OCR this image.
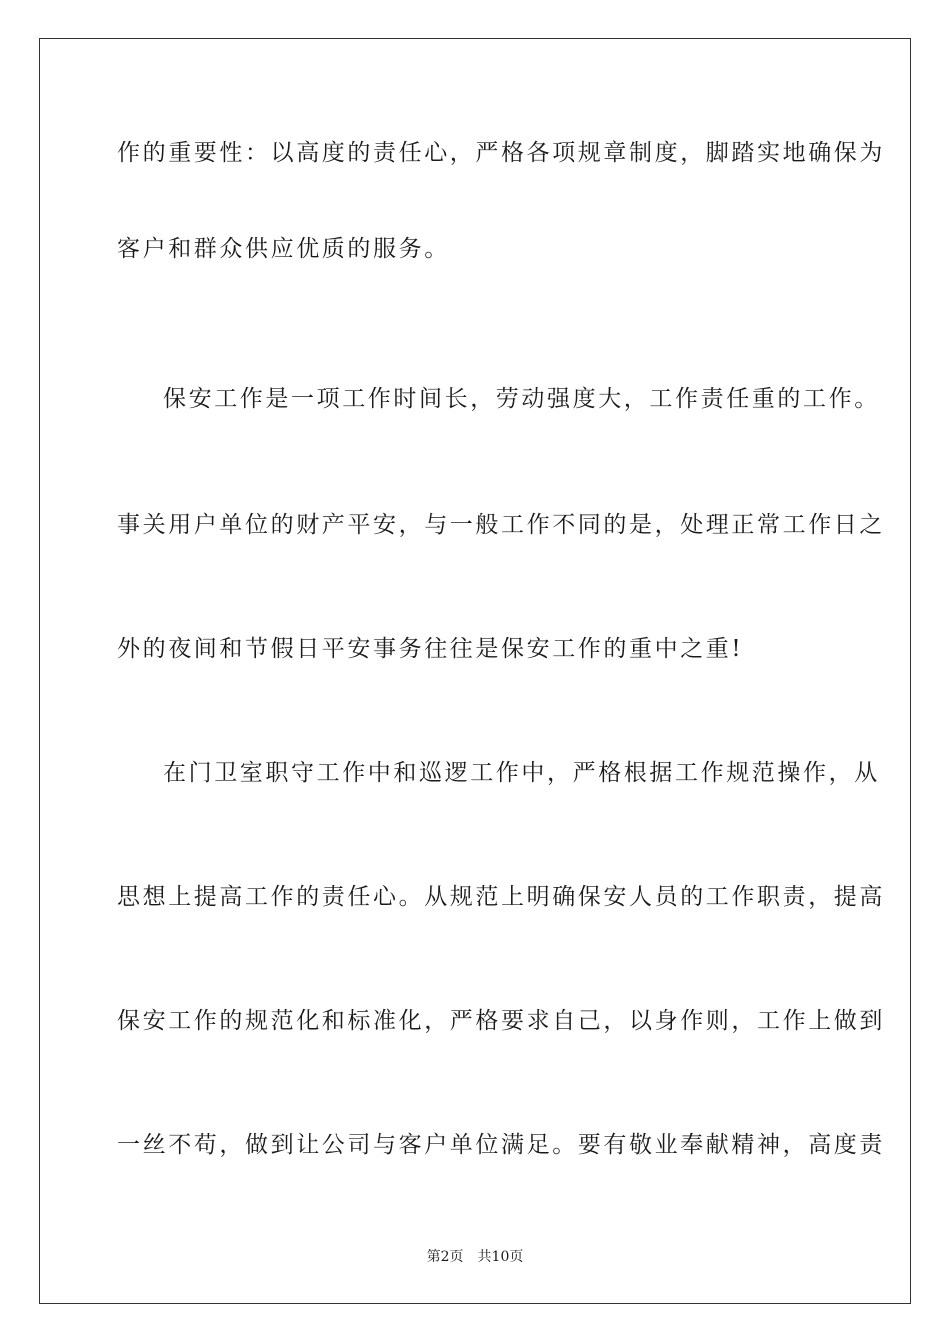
作的重要性：以高度的责任心，严格各项规章制度，脚踏实地确保为
客户和群众供应优质的服务。
保安工作是一项工作时间长，劳动强度大，工作责任重的工作。
事关用户单位的财产平安，与一般工作不同的是，处理正常工作日之
外的夜间和节假日平安事务往往是保安工作的重中之重!
在门卫室职守工作中和巡逻工作中，严格根据工作规范操作，从
思想上提高工作的责任心。从规范上明确保安人员的工作职责，提高
保安工作的规范化和标准化，严格要求自己，以身作则，工作上做到
一丝不苟，做到让公司与客户单位满足。要有敬业奉献精神，高度责
第2页 共10页
